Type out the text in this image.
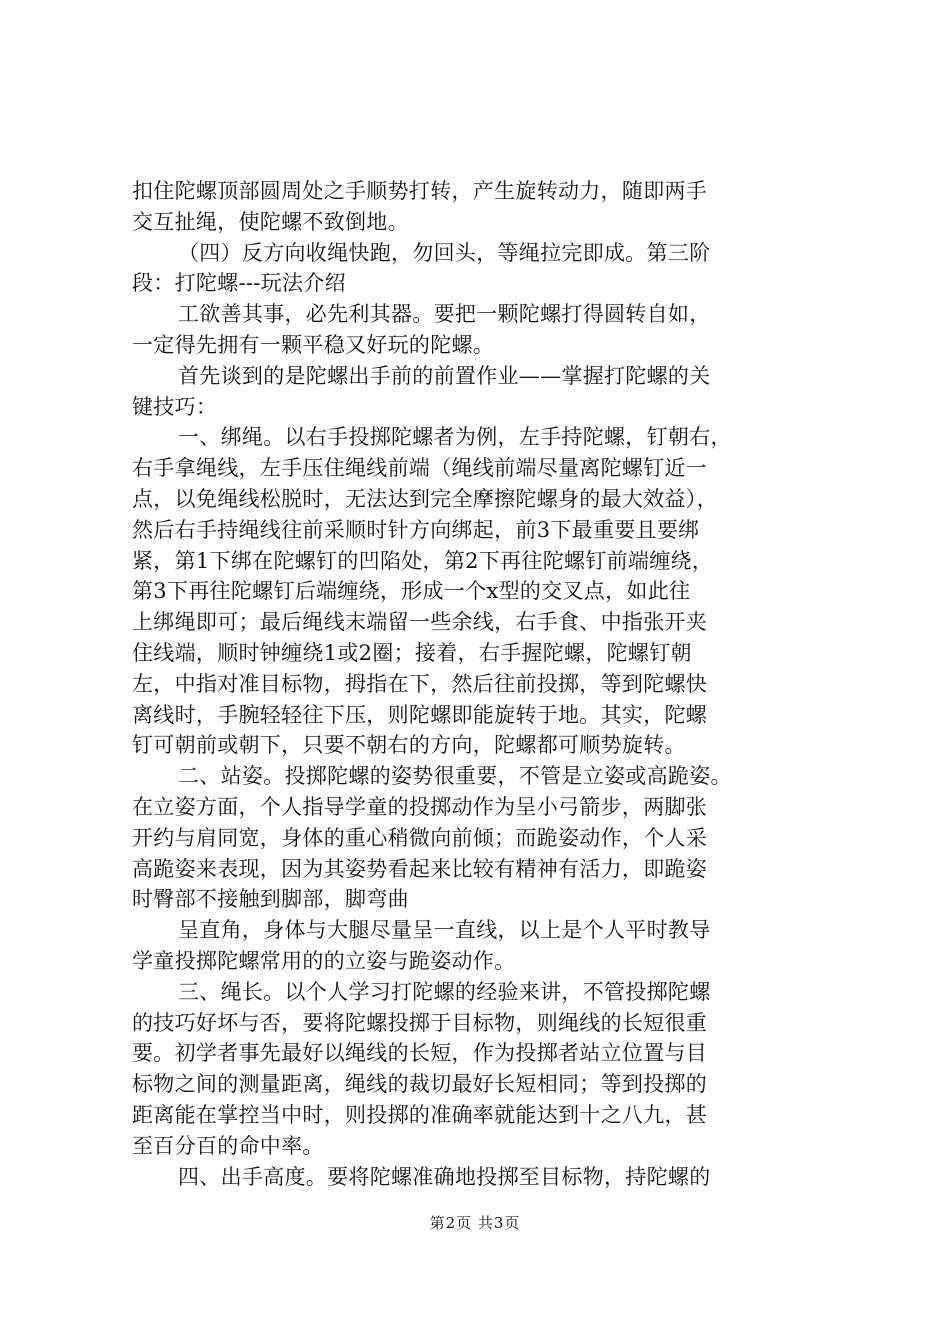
扣住陀螺顶部圆周处之手顺势打转，产生旋转动力，随即两手
交互扯绳，使陀螺不致倒地。
（四）反方向收绳快跑，勿回头，等绳拉完即成。第三阶
段：打陀螺---玩法介绍
工欲善其事，必先利其器。要把一颗陀螺打得圆转自如，
一定得先拥有一颗平稳又好玩的陀螺。
首先谈到的是陀螺出手前的前置作业——掌握打陀螺的关
键技巧：
一、绑绳。以右手投掷陀螺者为例，左手持陀螺，钉朝右，
右手拿绳线，左手压住绳线前端（绳线前端尽量离陀螺钉近一
点，以免绳线松脱时，无法达到完全摩擦陀螺身的最大效益），
然后右手持绳线往前采顺时针方向绑起，前3下最重要且要绑
紧，第1下绑在陀螺钉的凹陷处，第2下再往陀螺钉前端缠绕，
第3下再往陀螺钉后端缠绕，形成一个x型的交叉点，如此往
上绑绳即可；最后绳线末端留一些余线，右手食、中指张开夹
住线端，顺时钟缠绕1或2圈；接着，右手握陀螺，陀螺钉朝
左，中指对准目标物，拇指在下，然后往前投掷，等到陀螺快
离线时，手腕轻轻往下压，则陀螺即能旋转于地。其实，陀螺
钉可朝前或朝下，只要不朝右的方向，陀螺都可顺势旋转。
二、站姿。投掷陀螺的姿势很重要，不管是立姿或高跪姿。
在立姿方面，个人指导学童的投掷动作为呈小弓箭步，两脚张
开约与肩同宽，身体的重心稍微向前倾；而跪姿动作，个人采
高跪姿来表现，因为其姿势看起来比较有精神有活力，即跪姿
时臀部不接触到脚部，脚弯曲
呈直角，身体与大腿尽量呈一直线，以上是个人平时教导
学童投掷陀螺常用的的立姿与跪姿动作。
三、绳长。以个人学习打陀螺的经验来讲，不管投掷陀螺
的技巧好坏与否，要将陀螺投掷于目标物，则绳线的长短很重
要。初学者事先最好以绳线的长短，作为投掷者站立位置与目
标物之间的测量距离，绳线的裁切最好长短相同；等到投掷的
距离能在掌控当中时，则投掷的准确率就能达到十之八九，甚
至百分百的命中率。
四、出手高度。要将陀螺准确地投掷至目标物，持陀螺的
第2页 共3页
